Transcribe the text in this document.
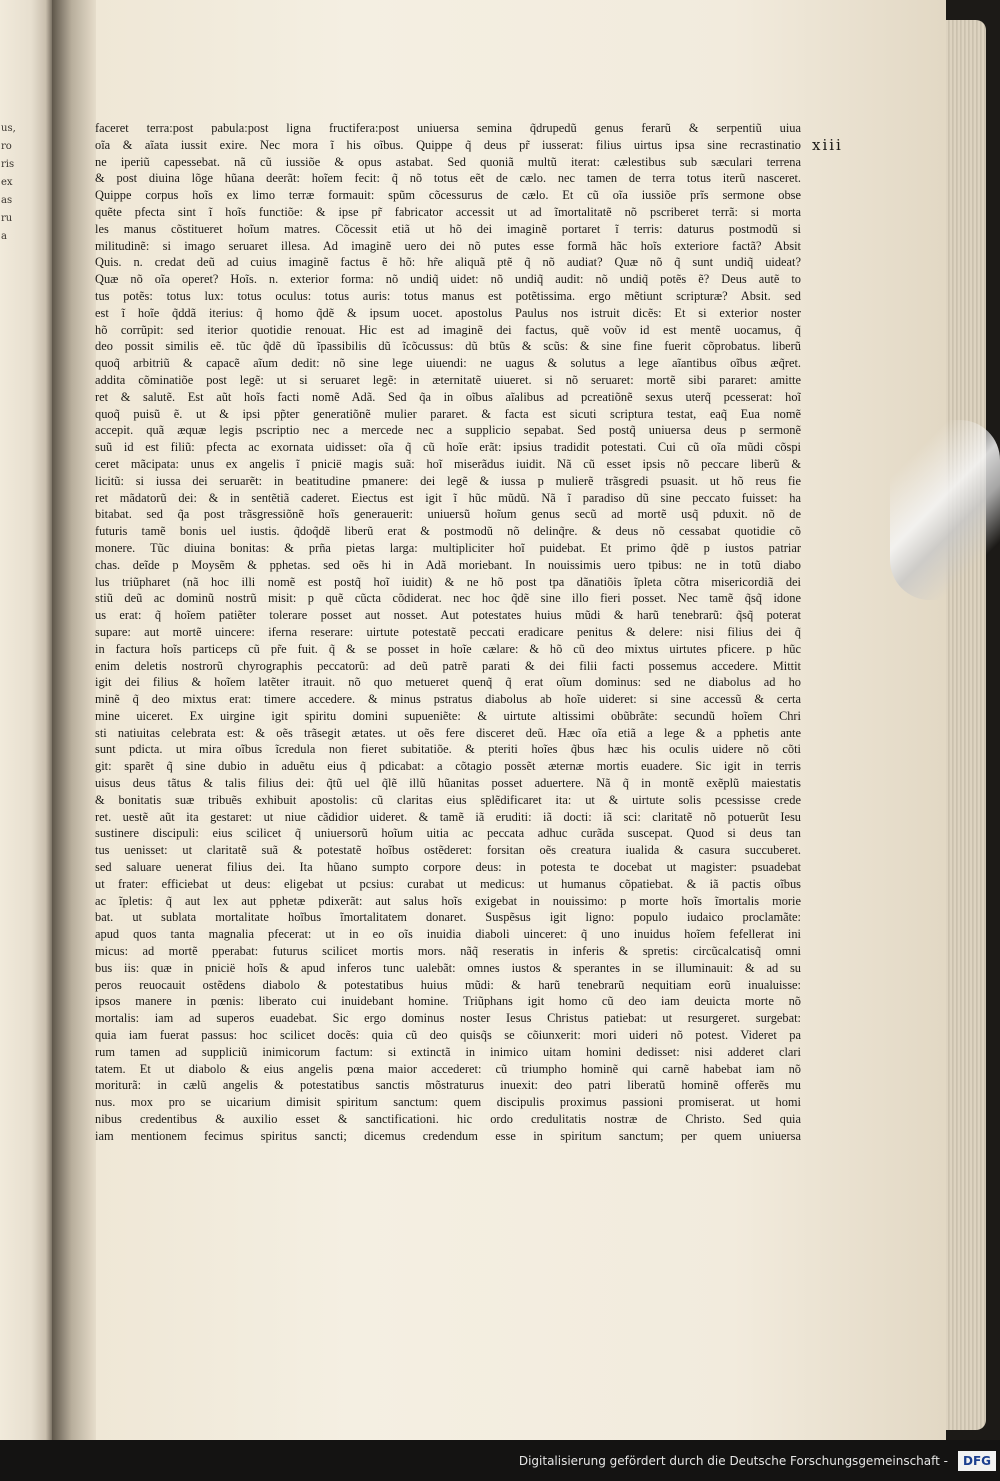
us,
ro
ris
ex
as
ru
a
xiii
faceret terra:post pabula:post ligna fructifera:post uniuersa semina q̃drupedũ genus ferarũ & serpentiũ uiua
oĩa & aĩata iussit exire. Nec mora ĩ his oĩbus. Quippe q̃ deus pr̃ iusserat: filius uirtus ipsa sine recrastinatio
ne iperiũ capessebat. nã cũ iussiõe & opus astabat. Sed quoniã multũ iterat: cælestibus sub sæculari terrena
& post diuina lõge hũana deerãt: hoĩem fecit: q̃ nõ totus eẽt de cælo. nec tamen de terra totus iterũ nasceret.
Quippe corpus hoĩs ex limo terræ formauit: spũm cõcessurus de cælo. Et cũ oĩa iussiõe prĩs sermone obse
quẽte pfecta sint ĩ hoĩs functiõe: & ipse pr̃ fabricator accessit ut ad ĩmortalitatẽ nõ pscriberet terrã: si morta
les manus cõstitueret hoĩum matres. Cõcessit etiã ut hõ dei imaginẽ portaret ĩ terris: daturus postmodũ si
militudinẽ: si imago seruaret illesa. Ad imaginẽ uero dei nõ putes esse formã hãc hoĩs exteriore factã? Absit
Quis. n. credat deũ ad cuius imaginẽ factus ẽ hõ: hr̃e aliquã ptẽ q̃ nõ audiat? Quæ nõ q̃ sunt undiq̃ uideat?
Quæ nõ oĩa operet? Hoĩs. n. exterior forma: nõ undiq̃ uidet: nõ undiq̃ audit: nõ undiq̃ potẽs ẽ? Deus autẽ to
tus potẽs: totus lux: totus oculus: totus auris: totus manus est potẽtissima. ergo mẽtiunt scripturæ? Absit. sed
est ĩ hoĩe q̃ddã iterius: q̃ homo q̃dẽ & ipsum uocet. apostolus Paulus nos istruit dicẽs: Et si exterior noster
hõ corrũpit: sed iterior quotidie renouat. Hic est ad imaginẽ dei factus, quẽ νοῦν id est mentẽ uocamus, q̃
deo possit similis eẽ. tũc q̃dẽ dũ ĩpassibilis dũ ĩcõcussus: dũ btũs & scũs: & sine fine fuerit cõprobatus. liberũ
quoq̃ arbitriũ & capacẽ aĩum dedit: nõ sine lege uiuendi: ne uagus & solutus a lege aĩantibus oĩbus æq̃ret.
addita cõminatiõe post legẽ: ut si seruaret legẽ: in æternitatẽ uiueret. si nõ seruaret: mortẽ sibi pararet: amitte
ret & salutẽ. Est aũt hoĩs facti nomẽ Adã. Sed q̃a in oĩbus aĩalibus ad pcreatiõnẽ sexus uterq̃ pcesserat: hoĩ
quoq̃ puisũ ẽ. ut & ipsi pp̃ter generatiõnẽ mulier pararet. & facta est sicuti scriptura testat, eaq̃ Eua nomẽ
accepit. quã æquæ legis pscriptio nec a mercede nec a supplicio sepabat. Sed postq̃ uniuersa deus p sermonẽ
suũ id est filiũ: pfecta ac exornata uidisset: oĩa q̃ cũ hoĩe erãt: ipsius tradidit potestati. Cui cũ oĩa mũdi cõspi
ceret mãcipata: unus ex angelis ĩ pnicië magis suã: hoĩ miserãdus iuidit. Nã cũ esset ipsis nõ peccare liberũ &
licitũ: si iussa dei seruarẽt: in beatitudine pmanere: dei legẽ & iussa p mulierẽ trãsgredi psuasit. ut hõ reus fie
ret mãdatorũ dei: & in sentẽtiã caderet. Eiectus est igit ĩ hũc mũdũ. Nã ĩ paradiso dũ sine peccato fuisset: ha
bitabat. sed q̃a post trãsgressiõnẽ hoĩs generauerit: uniuersũ hoĩum genus secũ ad mortẽ usq̃ pduxit. nõ de
futuris tamẽ bonis uel iustis. q̃doq̃dẽ liberũ erat & postmodũ nõ delinq̃re. & deus nõ cessabat quotidie cõ
monere. Tũc diuina bonitas: & prña pietas larga: multipliciter hoĩ puidebat. Et primo q̃dẽ p iustos patriar
chas. deĩde p Moysẽm & pphetas. sed oẽs hi in Adã moriebant. In nouissimis uero tpibus: ne in totũ diabo
lus triũpharet (nã hoc illi nomẽ est postq̃ hoĩ iuidit) & ne hõ post tpa dãnatiõis ĩpleta cõtra misericordiã dei
stiũ deũ ac dominũ nostrũ misit: p quẽ cũcta cõdiderat. nec hoc q̃dẽ sine illo fieri posset. Nec tamẽ q̃sq̃ idone
us erat: q̃ hoĩem patiẽter tolerare posset aut nosset. Aut potestates huius mũdi & harũ tenebrarũ: q̃sq̃ poterat
supare: aut mortẽ uincere: iferna reserare: uirtute potestatẽ peccati eradicare penitus & delere: nisi filius dei q̃
in factura hoĩs particeps cũ pr̃e fuit. q̃ & se posset in hoĩe cælare: & hõ cũ deo mixtus uirtutes pficere. p hũc
enim deletis nostrorũ chyrographis peccatorũ: ad deũ patrẽ parati & dei filii facti possemus accedere. Mittit
igit dei filius & hoĩem latẽter itrauit. nõ quo metueret quenq̃ q̃ erat oĩum dominus: sed ne diabolus ad ho
minẽ q̃ deo mixtus erat: timere accedere. & minus pstratus diabolus ab hoĩe uideret: si sine accessũ & certa
mine uiceret. Ex uirgine igit spiritu domini supueniẽte: & uirtute altissimi obũbrãte: secundũ hoĩem Chri
sti natiuitas celebrata est: & oẽs trãsegit ætates. ut oẽs fere disceret deũ. Hæc oĩa etiã a lege & a pphetis ante
sunt pdicta. ut mira oĩbus ĩcredula non fieret subitatiõe. & pteriti hoĩes q̃bus hæc his oculis uidere nõ cõti
git: sparẽt q̃ sine dubio in aduẽtu eius q̃ pdicabat: a cõtagio possẽt æternæ mortis euadere. Sic igit in terris
uisus deus tãtus & talis filius dei: q̃tũ uel q̃lẽ illũ hũanitas posset aduertere. Nã q̃ in montẽ exẽplũ maiestatis
& bonitatis suæ tribuẽs exhibuit apostolis: cũ claritas eius splẽdificaret ita: ut & uirtute solis pcessisse crede
ret. uestẽ aũt ita gestaret: ut niue cãdidior uideret. & tamẽ iã eruditi: iã docti: iã sci: claritatẽ nõ potuerũt Iesu
sustinere discipuli: eius scilicet q̃ uniuersorũ hoĩum uitia ac peccata adhuc curãda suscepat. Quod si deus tan
tus uenisset: ut claritatẽ suã & potestatẽ hoĩbus ostẽderet: forsitan oẽs creatura iualida & casura succuberet.
sed saluare uenerat filius dei. Ita hũano sumpto corpore deus: in potesta te docebat ut magister: psuadebat
ut frater: efficiebat ut deus: eligebat ut pcsius: curabat ut medicus: ut humanus cõpatiebat. & iã pactis oĩbus
ac ĩpletis: q̃ aut lex aut pphetæ pdixerãt: aut salus hoĩs exigebat in nouissimo: p morte hoĩs ĩmortalis morie
bat. ut sublata mortalitate hoĩbus ĩmortalitatem donaret. Suspẽsus igit ligno: populo iudaico proclamãte:
apud quos tanta magnalia pfecerat: ut in eo oĩs inuidia diaboli uinceret: q̃ uno inuidus hoĩem fefellerat ini
micus: ad mortẽ pperabat: futurus scilicet mortis mors. nãq̃ reseratis in inferis & spretis: circũcalcatisq̃ omni
bus iis: quæ in pnicië hoĩs & apud inferos tunc ualebãt: omnes iustos & sperantes in se illuminauit: & ad su
peros reuocauit ostẽdens diabolo & potestatibus huius mũdi: & harũ tenebrarũ nequitiam eorũ inualuisse:
ipsos manere in pœnis: liberato cui inuidebant homine. Triũphans igit homo cũ deo iam deuicta morte nõ
mortalis: iam ad superos euadebat. Sic ergo dominus noster Iesus Christus patiebat: ut resurgeret. surgebat:
quia iam fuerat passus: hoc scilicet docẽs: quia cũ deo quisq̃s se cõiunxerit: mori uideri nõ potest. Videret pa
rum tamen ad suppliciũ inimicorum factum: si extinctã in inimico uitam homini dedisset: nisi adderet clari
tatem. Et ut diabolo & eius angelis pœna maior accederet: cũ triumpho hominẽ qui carnẽ habebat iam nõ
moriturã: in cælũ angelis & potestatibus sanctis mõstraturus inuexit: deo patri liberatũ hominẽ offerẽs mu
nus. mox pro se uicarium dimisit spiritum sanctum: quem discipulis proximus passioni promiserat. ut homi
nibus credentibus & auxilio esset & sanctificationi. hic ordo credulitatis nostræ de Christo. Sed quia
iam mentionem fecimus spiritus sancti; dicemus credendum esse in spiritum sanctum; per quem uniuersa
Digitalisierung gefördert durch die Deutsche Forschungsgemeinschaft -	DFG
